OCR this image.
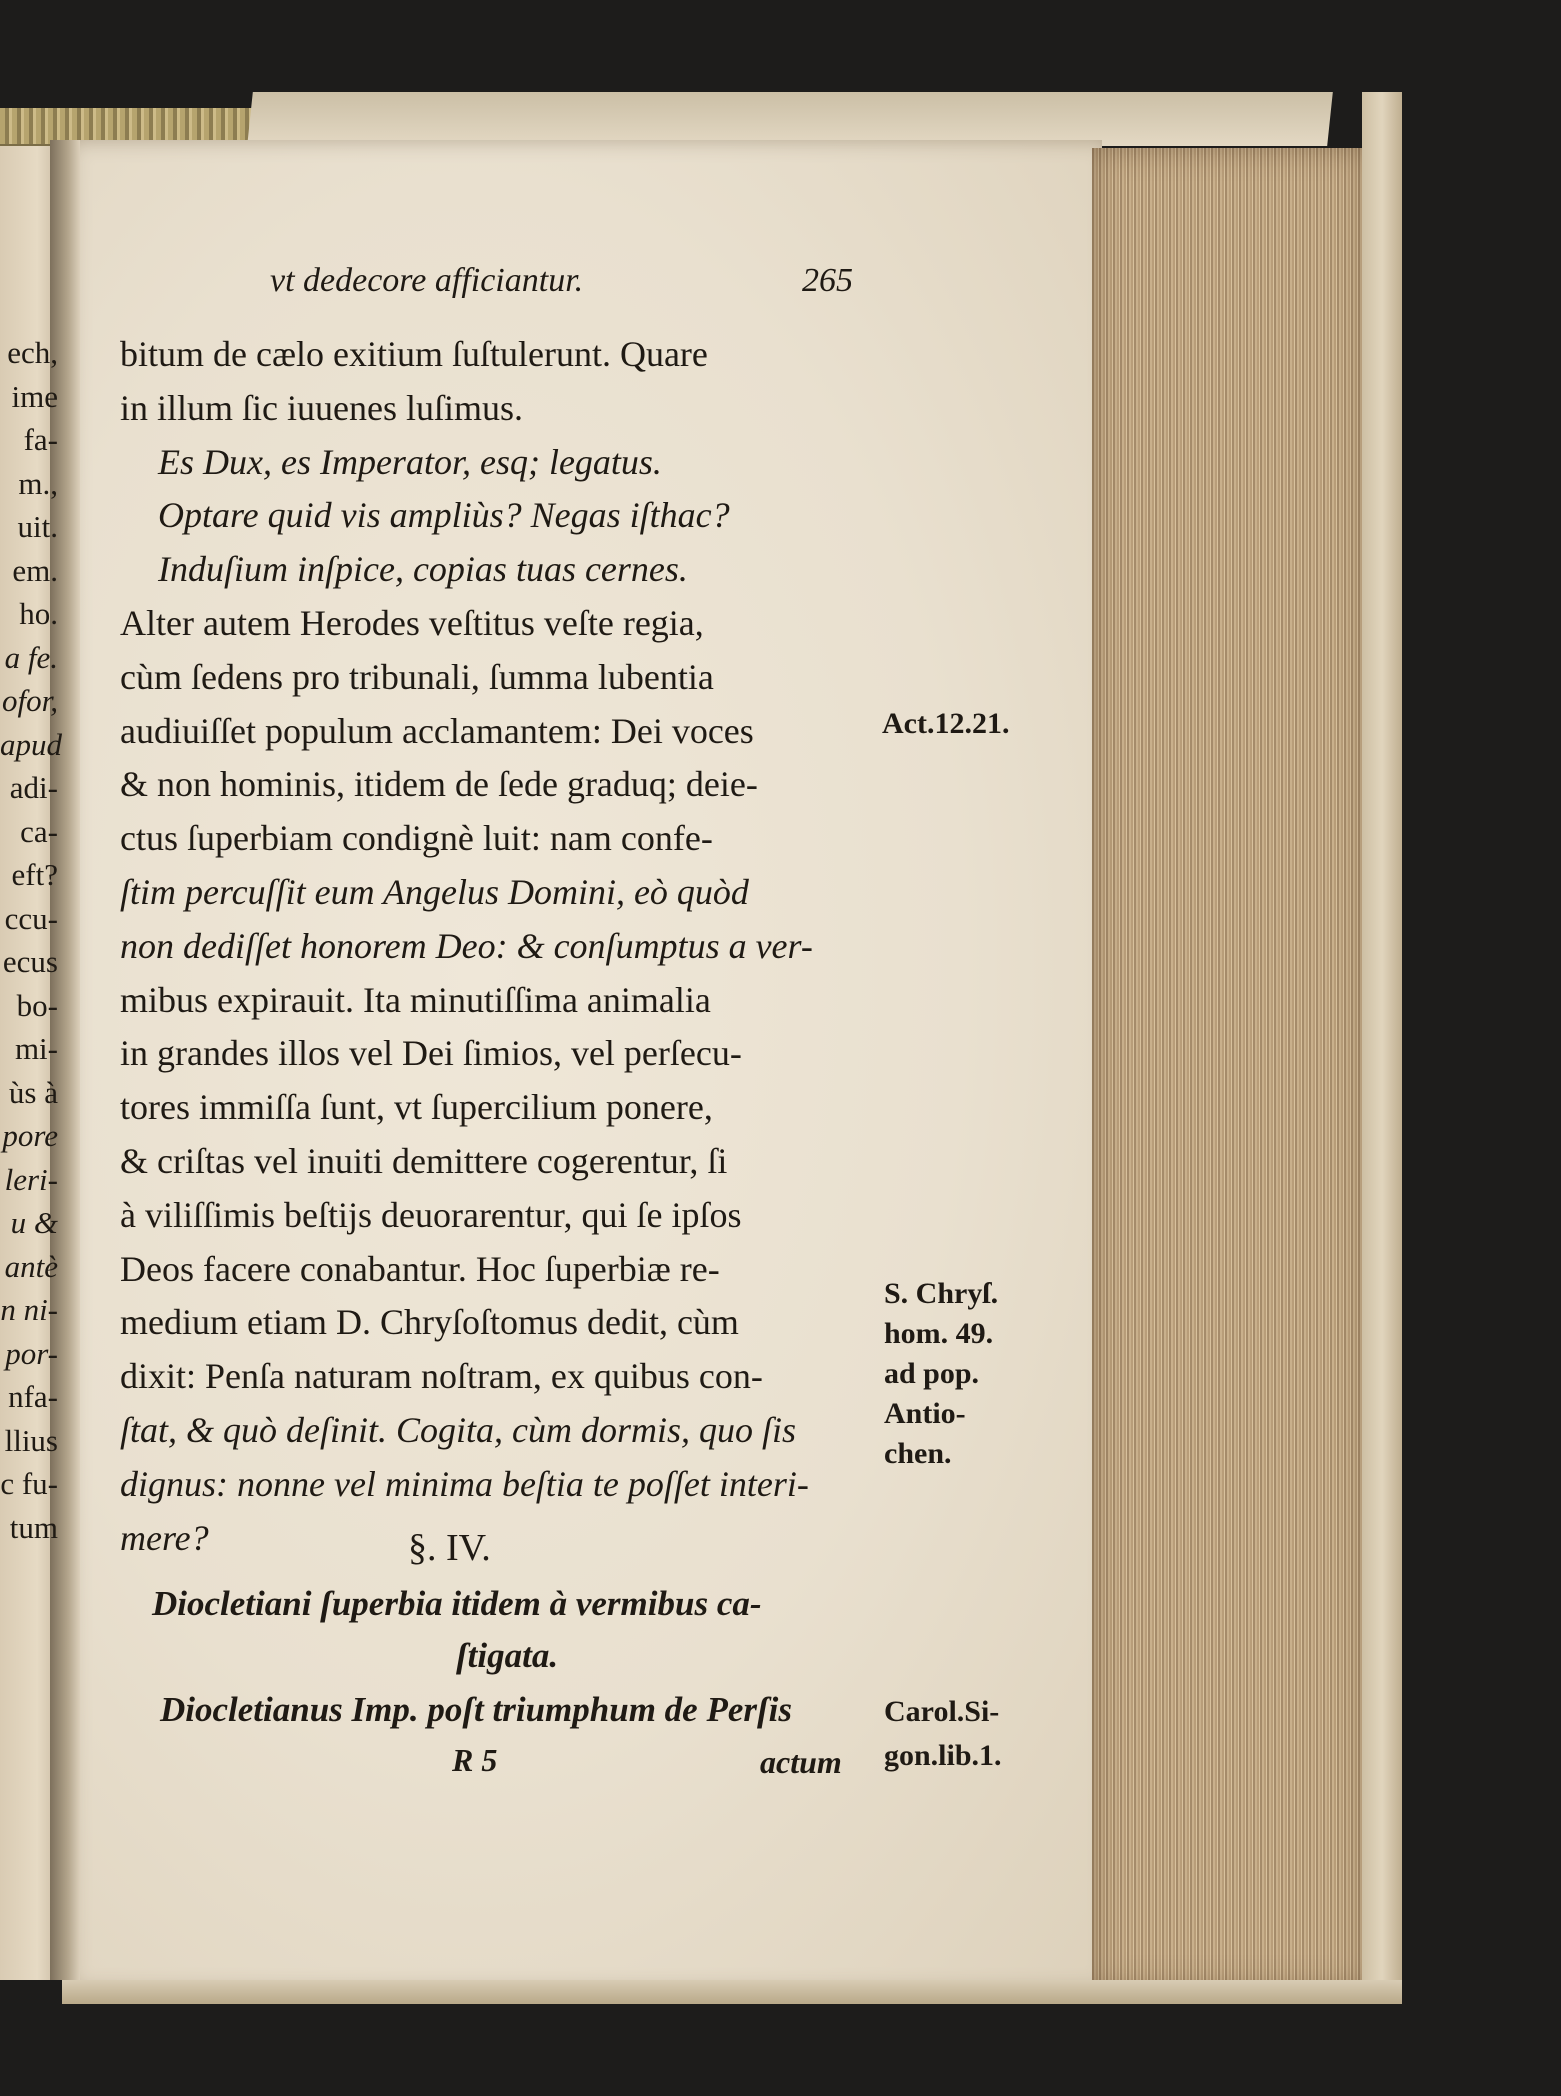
ech,
ime
fa-
m.,
uit.
em.
ho.
a fe.
ofor,
apud
adi-
ca-
eft?
ccu-
ecus
bo-
mi-
ùs à
pore
leri-
u &
antè
n ni-
por-
nfa-
llius
c fu-
tum
vt dedecore afficiantur.	265
bitum de cælo exitium ſuſtulerunt. Quare
in illum ſic iuuenes luſimus.
Es Dux, es Imperator, esq; legatus.
Optare quid vis ampliùs? Negas iſthac?
Induſium inſpice, copias tuas cernes.
Alter autem Herodes veſtitus veſte regia,
cùm ſedens pro tribunali, ſumma lubentia
audiuiſſet populum acclamantem: Dei voces
& non hominis, itidem de ſede graduq; deie-
ctus ſuperbiam condignè luit: nam confe-
ſtim percuſſit eum Angelus Domini, eò quòd
non dediſſet honorem Deo: & conſumptus a ver-
mibus expirauit. Ita minutiſſima animalia
in grandes illos vel Dei ſimios, vel perſecu-
tores immiſſa ſunt, vt ſupercilium ponere,
& criſtas vel inuiti demittere cogerentur, ſi
à viliſſimis beſtijs deuorarentur, qui ſe ipſos
Deos facere conabantur. Hoc ſuperbiæ re-
medium etiam D. Chryſoſtomus dedit, cùm
dixit: Penſa naturam noſtram, ex quibus con-
ſtat, & quò deſinit. Cogita, cùm dormis, quo ſis
dignus: nonne vel minima beſtia te poſſet interi-
mere?	§. IV.
Diocletiani ſuperbia itidem à vermibus ca-
ſtigata.
Diocletianus Imp. poſt triumphum de Perſis
R 5	actum
Act.12.21.
S. Chryſ.
hom. 49.
ad pop.
Antio-
chen.
Carol.Si-
gon.lib.1.
